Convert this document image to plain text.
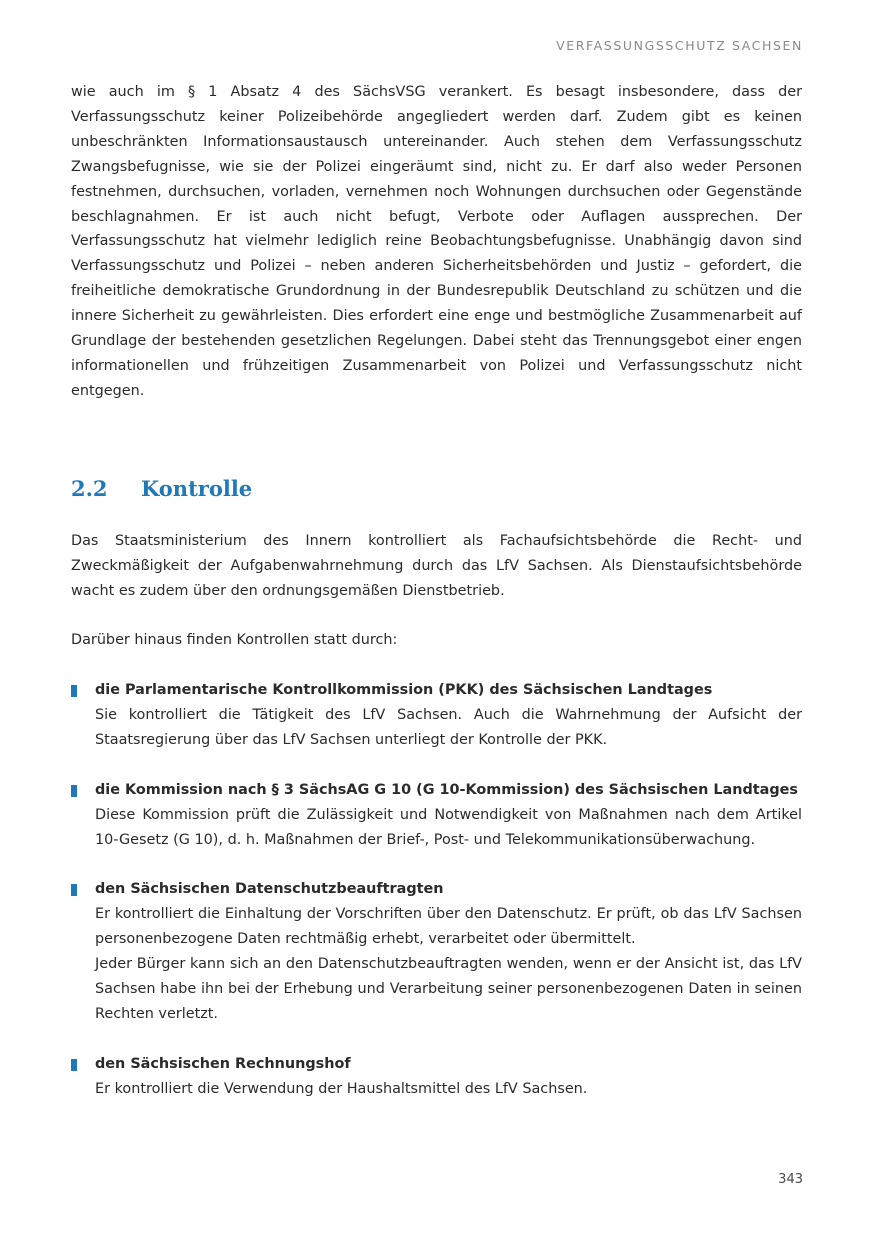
VERFASSUNGSSCHUTZ SACHSEN

wie auch im § 1 Absatz 4 des SächsVSG verankert. Es besagt insbesondere, dass der Verfassungsschutz keiner Polizeibehörde angegliedert werden darf. Zudem gibt es keinen unbeschränkten Informationsaustausch untereinander. Auch stehen dem Verfassungsschutz Zwangsbefugnisse, wie sie der Polizei eingeräumt sind, nicht zu. Er darf also weder Personen festnehmen, durchsuchen, vorladen, vernehmen noch Wohnungen durchsuchen oder Gegenstände beschlagnahmen. Er ist auch nicht befugt, Verbote oder Auflagen aussprechen. Der Verfassungsschutz hat vielmehr lediglich reine Beobachtungsbefugnisse. Unabhängig davon sind Verfassungsschutz und Polizei – neben anderen Sicherheitsbehörden und Justiz – gefordert, die freiheitliche demokratische Grundordnung in der Bundesrepublik Deutschland zu schützen und die innere Sicherheit zu gewährleisten. Dies erfordert eine enge und bestmögliche Zusammenarbeit auf Grundlage der bestehenden gesetzlichen Regelungen. Dabei steht das Trennungsgebot einer engen informationellen und frühzeitigen Zusammenarbeit von Polizei und Verfassungsschutz nicht entgegen.

2.2 Kontrolle

Das Staatsministerium des Innern kontrolliert als Fachaufsichtsbehörde die Recht- und Zweckmäßigkeit der Aufgabenwahrnehmung durch das LfV Sachsen. Als Dienstaufsichtsbehörde wacht es zudem über den ordnungsgemäßen Dienstbetrieb.

Darüber hinaus finden Kontrollen statt durch:

die Parlamentarische Kontrollkommission (PKK) des Sächsischen Landtages

Sie kontrolliert die Tätigkeit des LfV Sachsen. Auch die Wahrnehmung der Aufsicht der Staatsregierung über das LfV Sachsen unterliegt der Kontrolle der PKK.

die Kommission nach § 3 SächsAG G 10 (G 10-Kommission) des Sächsischen Landtages

Diese Kommission prüft die Zulässigkeit und Notwendigkeit von Maßnahmen nach dem Artikel 10-Gesetz (G 10), d. h. Maßnahmen der Brief-, Post- und Telekommunikationsüberwachung.

den Sächsischen Datenschutzbeauftragten

Er kontrolliert die Einhaltung der Vorschriften über den Datenschutz. Er prüft, ob das LfV Sachsen personenbezogene Daten rechtmäßig erhebt, verarbeitet oder übermittelt.

Jeder Bürger kann sich an den Datenschutzbeauftragten wenden, wenn er der Ansicht ist, das LfV Sachsen habe ihn bei der Erhebung und Verarbeitung seiner personenbezogenen Daten in seinen Rechten verletzt.

den Sächsischen Rechnungshof

Er kontrolliert die Verwendung der Haushaltsmittel des LfV Sachsen.

343
